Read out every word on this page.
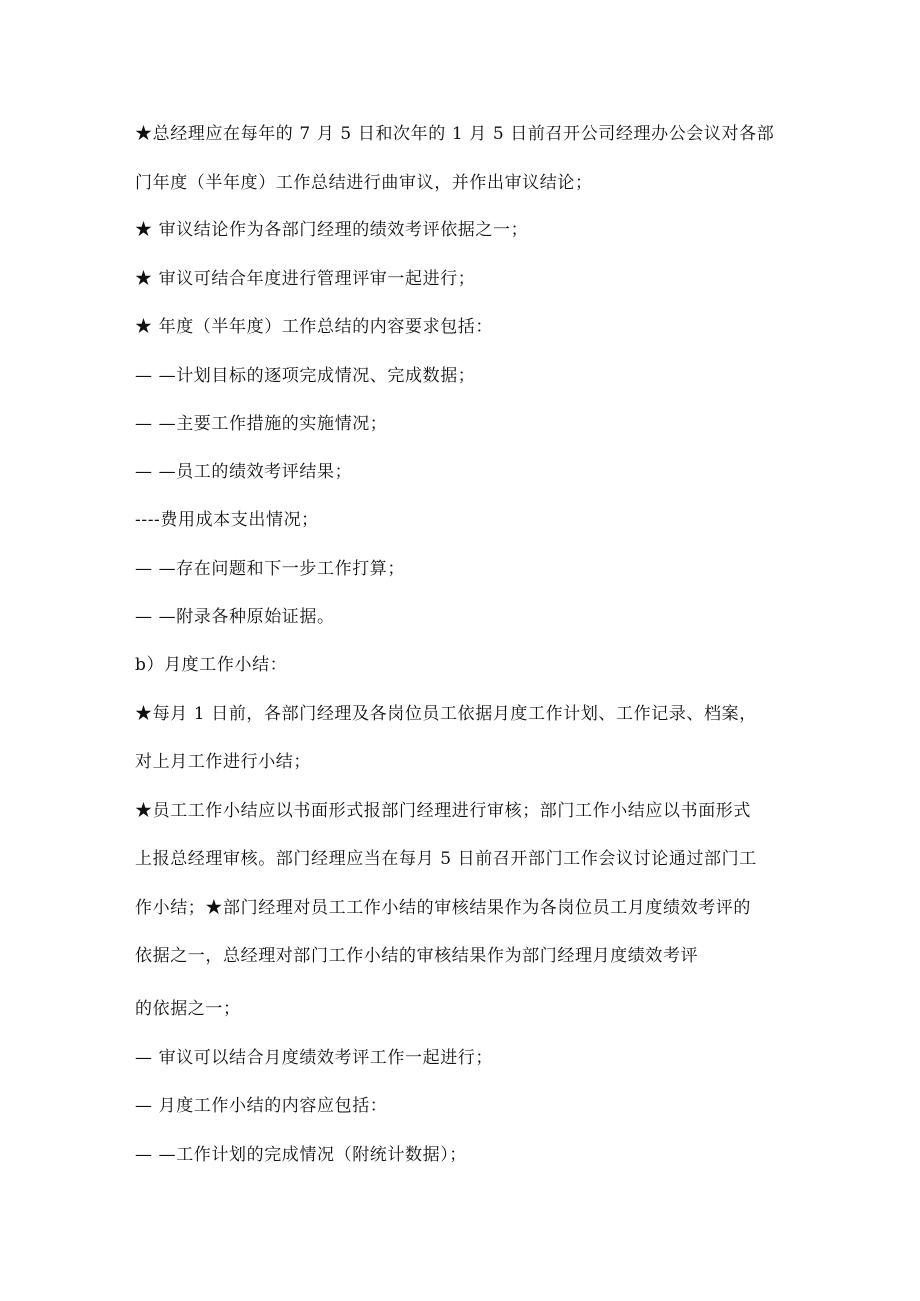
★总经理应在每年的 7 月 5 日和次年的 1 月 5 日前召开公司经理办公会议对各部
门年度（半年度）工作总结进行曲审议，并作出审议结论；
★ 审议结论作为各部门经理的绩效考评依据之一；
★ 审议可结合年度进行管理评审一起进行；
★ 年度（半年度）工作总结的内容要求包括：
— —计划目标的逐项完成情况、完成数据；
— —主要工作措施的实施情况；
— —员工的绩效考评结果；
----费用成本支出情况；
— —存在问题和下一步工作打算；
— —附录各种原始证据。
b）月度工作小结：
★每月 1 日前，各部门经理及各岗位员工依据月度工作计划、工作记录、档案，
对上月工作进行小结；
★员工工作小结应以书面形式报部门经理进行审核；部门工作小结应以书面形式
上报总经理审核。部门经理应当在每月 5 日前召开部门工作会议讨论通过部门工
作小结；★部门经理对员工工作小结的审核结果作为各岗位员工月度绩效考评的
依据之一，总经理对部门工作小结的审核结果作为部门经理月度绩效考评
的依据之一；
— 审议可以结合月度绩效考评工作一起进行；
— 月度工作小结的内容应包括：
— —工作计划的完成情况（附统计数据）；
